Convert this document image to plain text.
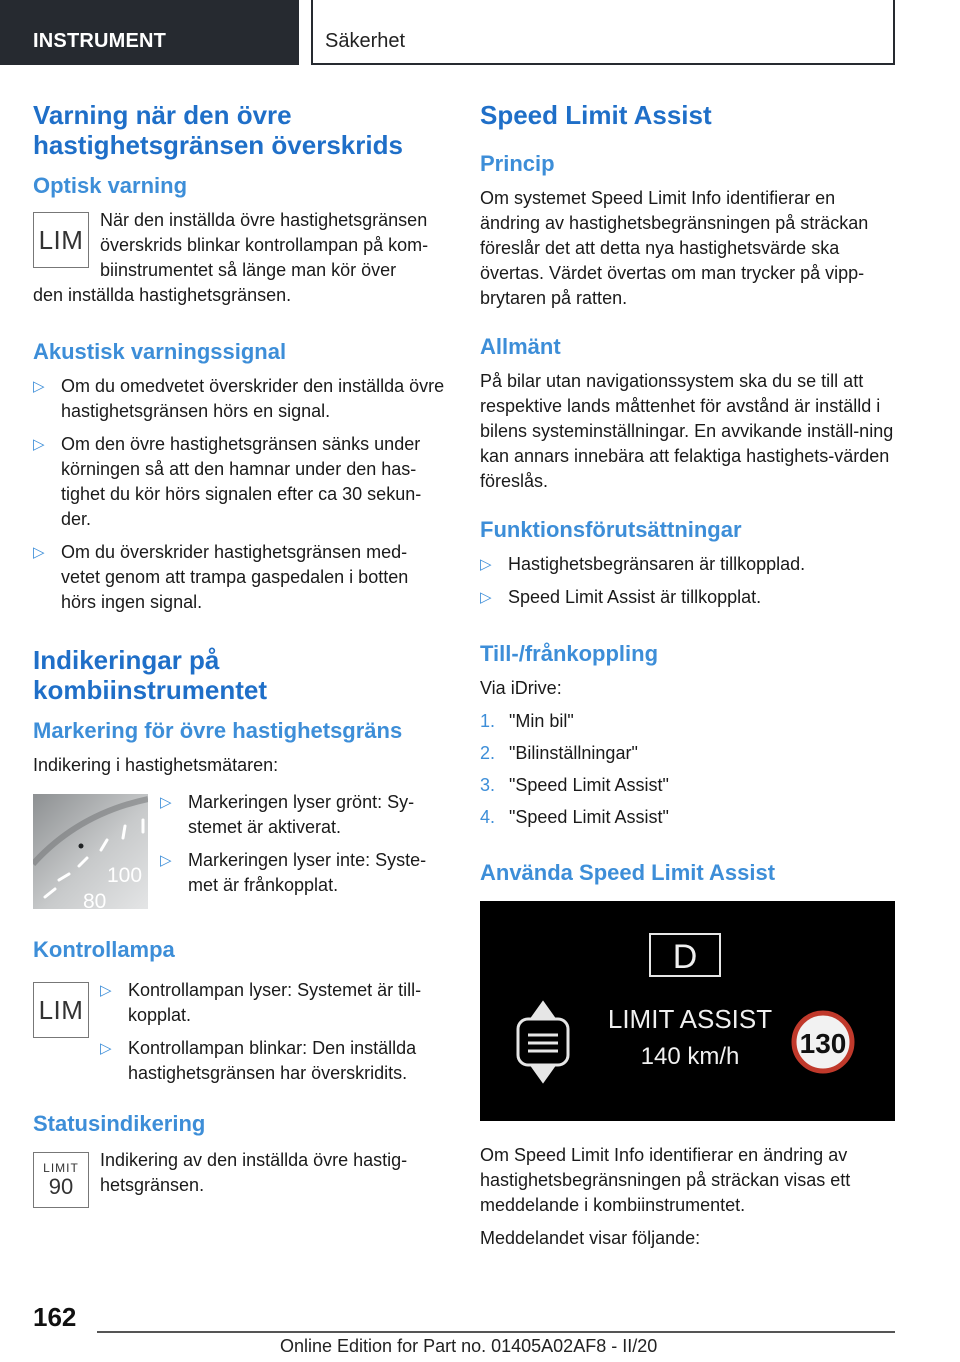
INSTRUMENT	Säkerhet
Varning när den övre hastighetsgränsen överskrids
Optisk varning
LIM

När den inställda övre hastighetsgränsen överskrids blinkar kontrollampan på kom-biinstrumentet så länge man kör över

den inställda hastighetsgränsen.

Akustisk varningssignal
▷ Om du omedvetet överskrider den inställda övre hastighetsgränsen hörs en signal.
▷ Om den övre hastighetsgränsen sänks under körningen så att den hamnar under den has-tighet du kör hörs signalen efter ca 30 sekun-der.
▷ Om du överskrider hastighetsgränsen med-vetet genom att trampa gaspedalen i botten hörs ingen signal.
Indikeringar på kombiinstrumentet
Markering för övre hastighetsgräns

Indikering i hastighetsmätaren:

100
80
▷ Markeringen lyser grönt: Sy-stemet är aktiverat.
▷ Markeringen lyser inte: Syste-met är frånkopplat.
Kontrollampa
LIM
▷ Kontrollampan lyser: Systemet är till-kopplat.
▷ Kontrollampan blinkar: Den inställda hastighetsgränsen har överskridits.
Statusindikering
LIMIT
90

Indikering av den inställda övre hastig-hetsgränsen.

Speed Limit Assist
Princip

Om systemet Speed Limit Info identifierar en ändring av hastighetsbegränsningen på sträckan föreslår det att detta nya hastighetsvärde ska övertas. Värdet övertas om man trycker på vipp-brytaren på ratten.

Allmänt

På bilar utan navigationssystem ska du se till att respektive lands måttenhet för avstånd är inställd i bilens systeminställningar. En avvikande inställ-ning kan annars innebära att felaktiga hastighets-värden föreslås.

Funktionsförutsättningar
▷ Hastighetsbegränsaren är tillkopplad.
▷ Speed Limit Assist är tillkopplat.
Till-/frånkoppling

Via iDrive:

1. "Min bil"
2. "Bilinställningar"
3. "Speed Limit Assist"
4. "Speed Limit Assist"
Använda Speed Limit Assist
D
LIMIT ASSIST
140 km/h 130

Om Speed Limit Info identifierar en ändring av hastighetsbegränsningen på sträckan visas ett meddelande i kombiinstrumentet.

Meddelandet visar följande:

162
Online Edition for Part no. 01405A02AF8 - II/20
